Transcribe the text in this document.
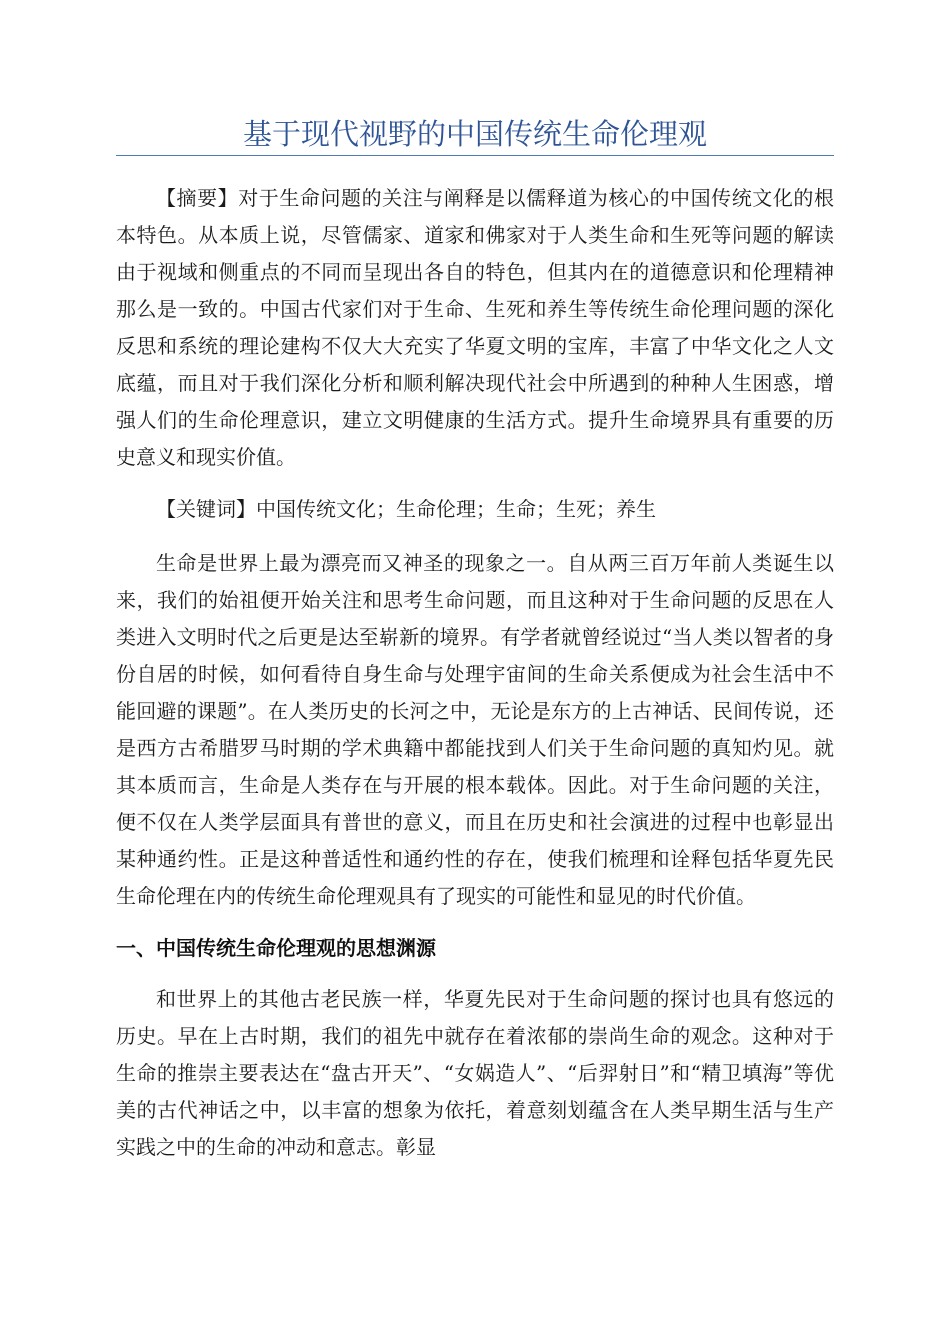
基于现代视野的中国传统生命伦理观

【摘要】对于生命问题的关注与阐释是以儒释道为核心的中国传统文化的根本特色。从本质上说，尽管儒家、道家和佛家对于人类生命和生死等问题的解读由于视域和侧重点的不同而呈现出各自的特色，但其内在的道德意识和伦理精神那么是一致的。中国古代家们对于生命、生死和养生等传统生命伦理问题的深化反思和系统的理论建构不仅大大充实了华夏文明的宝库，丰富了中华文化之人文底蕴，而且对于我们深化分析和顺利解决现代社会中所遇到的种种人生困惑，增强人们的生命伦理意识，建立文明健康的生活方式。提升生命境界具有重要的历史意义和现实价值。

【关键词】中国传统文化；生命伦理；生命；生死；养生

生命是世界上最为漂亮而又神圣的现象之一。自从两三百万年前人类诞生以来，我们的始祖便开始关注和思考生命问题，而且这种对于生命问题的反思在人类进入文明时代之后更是达至崭新的境界。有学者就曾经说过“当人类以智者的身份自居的时候，如何看待自身生命与处理宇宙间的生命关系便成为社会生活中不能回避的课题”。在人类历史的长河之中，无论是东方的上古神话、民间传说，还是西方古希腊罗马时期的学术典籍中都能找到人们关于生命问题的真知灼见。就其本质而言，生命是人类存在与开展的根本载体。因此。对于生命问题的关注，便不仅在人类学层面具有普世的意义，而且在历史和社会演进的过程中也彰显出某种通约性。正是这种普适性和通约性的存在，使我们梳理和诠释包括华夏先民生命伦理在内的传统生命伦理观具有了现实的可能性和显见的时代价值。

一、中国传统生命伦理观的思想渊源

和世界上的其他古老民族一样，华夏先民对于生命问题的探讨也具有悠远的历史。早在上古时期，我们的祖先中就存在着浓郁的崇尚生命的观念。这种对于生命的推崇主要表达在“盘古开天”、“女娲造人”、“后羿射日”和“精卫填海”等优美的古代神话之中，以丰富的想象为依托，着意刻划蕴含在人类早期生活与生产实践之中的生命的冲动和意志。彰显
